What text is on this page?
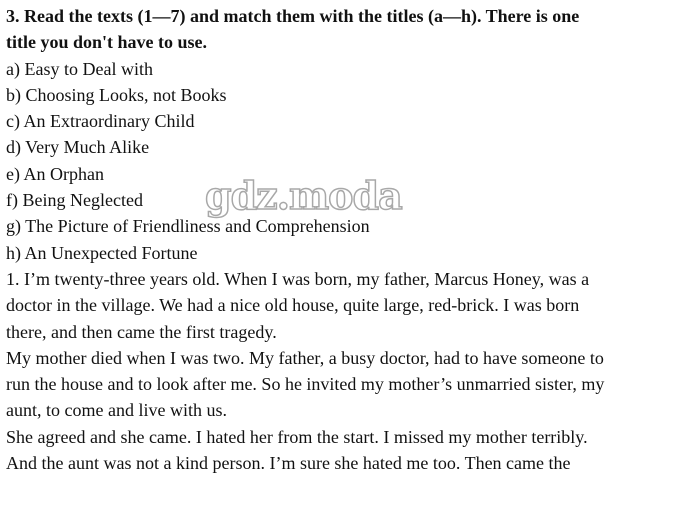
3. Read the texts (1—7) and match them with the titles (a—h). There is one
title you don't have to use.
a) Easy to Deal with
b) Choosing Looks, not Books
c) An Extraordinary Child
d) Very Much Alike
e) An Orphan
f) Being Neglected
g) The Picture of Friendliness and Comprehension
h) An Unexpected Fortune
1. I’m twenty-three years old. When I was born, my father, Marcus Honey, was a
doctor in the village. We had a nice old house, quite large, red-brick. I was born
there, and then came the first tragedy.
My mother died when I was two. My father, a busy doctor, had to have someone to
run the house and to look after me. So he invited my mother’s unmarried sister, my
aunt, to come and live with us.
She agreed and she came. I hated her from the start. I missed my mother terribly.
And the aunt was not a kind person. I’m sure she hated me too. Then came the
gdz.moda
